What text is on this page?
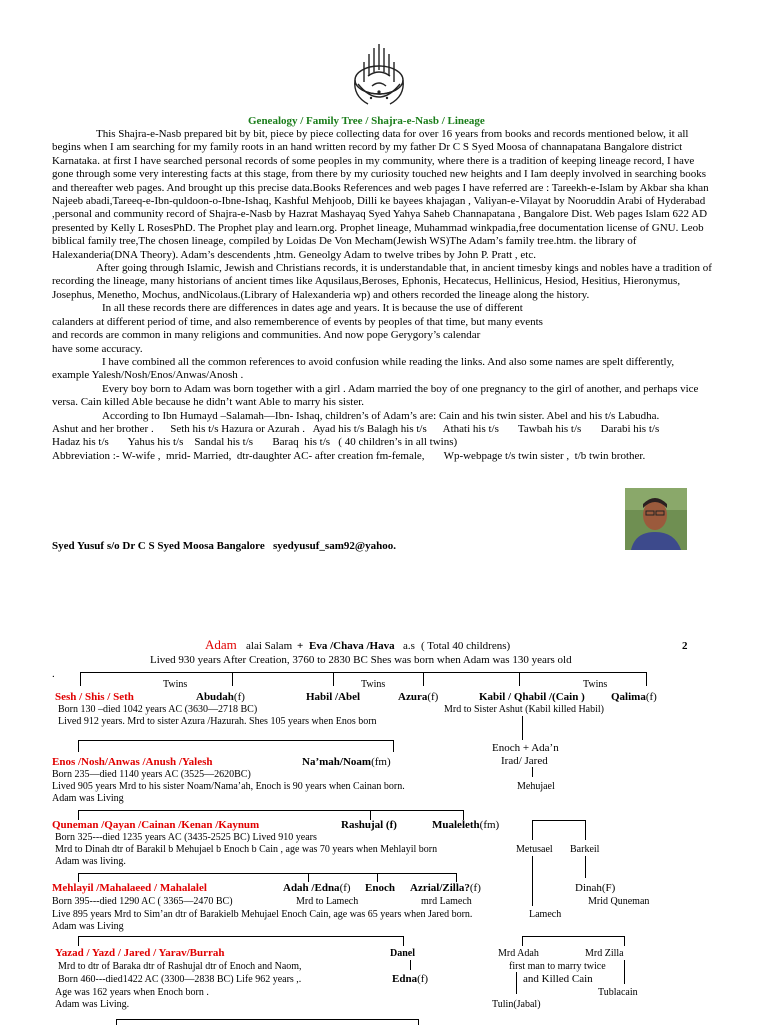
Genealogy / Family Tree / Shajra-e-Nasb / Lineage

This Shajra-e-Nasb prepared bit by bit, piece by piece collecting data for over 16 years from books and records mentioned below, it all begins when I am searching for my family roots in an hand written record by my father Dr C S Syed Moosa of channapatana Bangalore district Karnataka. at first I have searched personal records of some peoples in my community, where there is a tradition of keeping lineage record, I have gone through some very interesting facts at this stage, from there by my curiosity touched new heights and I Iam deeply involved in searching books and thereafter web pages. And brought up this precise data.Books References and web pages I have referred are : Tareekh-e-Islam by Akbar sha khan Najeeb abadi,Tareeq-e-Ibn-quldoon-o-Ibne-Ishaq, Kashful Mehjoob, Dilli ke bayees khajagan , Valiyan-e-Vilayat by Nooruddin Arabi of Hyderabad ,personal and community record of Shajra-e-Nasb by Hazrat Mashayaq Syed Yahya Saheb Channapatana , Bangalore Dist. Web pages Islam 622 AD presented by Kelly L RosesPhD. The Prophet play and learn.org. Prophet lineage, Muhammad winkpadia,free documentation license of GNU. Leob biblical family tree,The chosen lineage, compiled by Loidas De Von Mecham(Jewish WS)The Adam’s family tree.htm. the library of Halexanderia(DNA Theory). Adam’s descendents ,htm. Geneolgy Adam to twelve tribes by John P. Pratt , etc.

After going through Islamic, Jewish and Christians records, it is understandable that, in ancient timesby kings and nobles have a tradition of recording the lineage, many historians of ancient times like Aqusilaus,Beroses, Ephonis, Hecatecus, Hellinicus, Hesiod, Hesitius, Hieronymus, Josephus, Menetho, Mochus, andNicolaus.(Library of Halexanderia wp) and others recorded the lineage along the history.

In all these records there are differences in dates age and years. It is because the use of different

calanders at different period of time, and also rememberence of events by peoples of that time, but many events

and records are common in many religions and communities. And now pope Gerygory’s calendar

have some accuracy.

I have combined all the common references to avoid confusion while reading the links. And also some names are spelt differently, example Yalesh/Nosh/Enos/Anwas/Anosh .

Every boy born to Adam was born together with a girl . Adam married the boy of one pregnancy to the girl of another, and perhaps vice versa. Cain killed Able because he didn’t want Able to marry his sister.

According to Ibn Humayd –Salamah—Ibn- Ishaq, children’s of Adam’s are: Cain and his twin sister. Abel and his t/s Labudha.

Ashut and her brother .      Seth his t/s Hazura or Azurah .   Ayad his t/s Balagh his t/s      Athati his t/s       Tawbah his t/s       Darabi his t/s

Hadaz his t/s       Yahus his t/s    Sandal his t/s       Baraq  his t/s   ( 40 children’s in all twins)

Abbreviation :- W-wife ,  mrid- Married,  dtr-daughter AC- after creation fm-female,       Wp-webpage t/s twin sister ,  t/b twin brother.

Syed Yusuf s/o Dr C S Syed Moosa Bangalore   syedyusuf_sam92@yahoo.
Adam alai Salam + Eva /Chava /Hava a.s ( Total 40 childrens)	2
Lived 930 years After Creation, 3760 to 2830 BC Shes was born when Adam was 130 years old
.
Twins	Twins	Twins
Sesh / Shis / Seth	Abudah(f)	Habil /Abel	Azura(f)	Kabil / Qhabil /(Cain ) Qalima(f)
Born 130 –died 1042 years AC (3630—2718 BC)	Mrd to Sister Ashut (Kabil killed Habil)
Lived 912 years. Mrd to sister Azura /Hazurah. Shes 105 years when Enos born
Enoch + Ada’n
Irad/ Jared
Mehujael
Enos /Nosh/Anwas /Anush /Yalesh	Na’mah/Noam(fm)
Born 235—died 1140 years AC (3525—2620BC)
Lived 905 years Mrd to his sister Noam/Nama’ah, Enoch is 90 years when Cainan born.
Adam was Living
Quneman /Qayan /Cainan /Kenan /Kaynum	Rashujal (f)	Mualeleth(fm)
Born 325---died 1235 years AC (3435-2525 BC) Lived 910 years
Mrd to Dinah dtr of Barakil b Mehujael b Enoch b Cain , age was 70 years when Mehlayil born
Adam was living.
Metusael Barkeil
Mehlayil /Mahalaeed / Mahalalel	Adah /Edna(f) Enoch Azrial/Zilla?(f)	Dinah(F)
Born 395---died 1290 AC ( 3365—2470 BC)	Mrd to Lamech	mrd Lamech	Mrid Quneman
Live 895 years Mrd to Sim’an dtr of Barakielb Mehujael Enoch Cain, age was 65 years when Jared born.	Lamech
Adam was Living
Yazad / Yazd / Jared / Yarav/Burrah	Danel	Mrd Adah	Mrd Zilla
Mrd to dtr of Baraka dtr of Rashujal dtr of Enoch and Naom,	first man to marry twice
Born 460---died1422 AC (3300—2838 BC) Life 962 years ,.	Edna(f)	and Killed Cain
Age was 162 years when Enoch born .	Tublacain
Adam was Living.	Tulin(Jabal)
